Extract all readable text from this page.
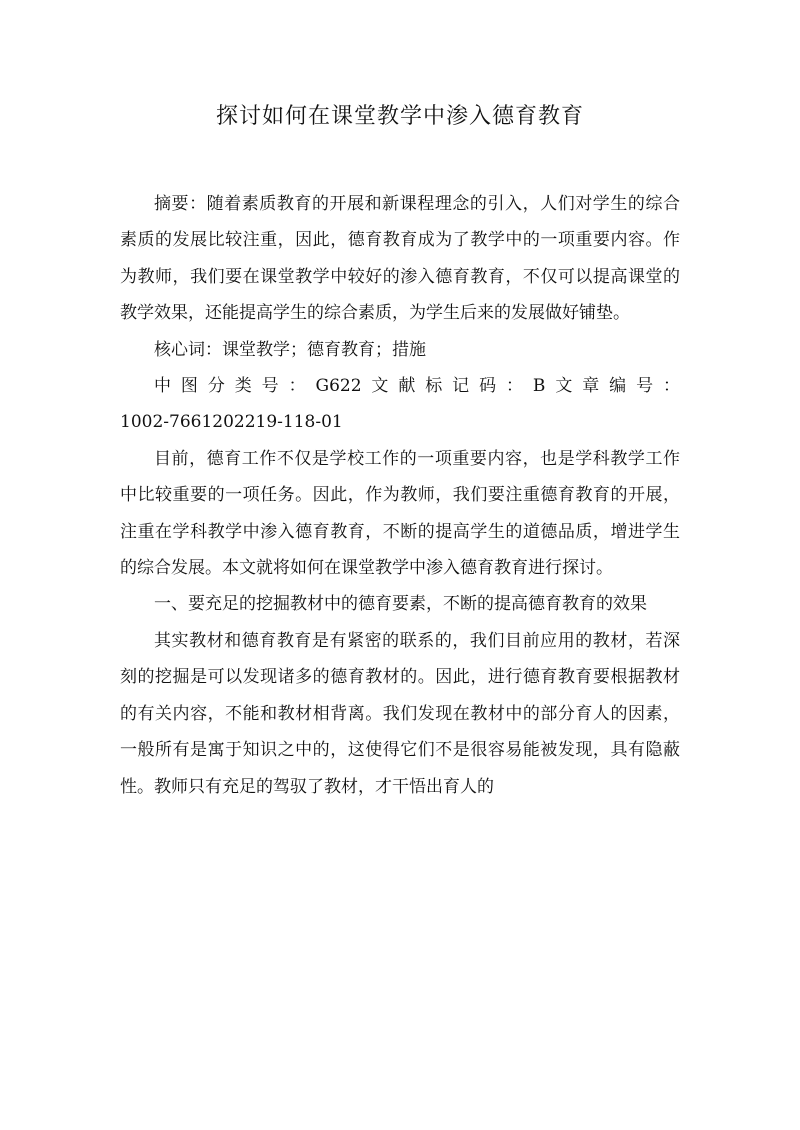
探讨如何在课堂教学中渗入德育教育

摘要：随着素质教育的开展和新课程理念的引入，人们对学生的综合素质的发展比较注重，因此，德育教育成为了教学中的一项重要内容。作为教师，我们要在课堂教学中较好的渗入德育教育，不仅可以提高课堂的教学效果，还能提高学生的综合素质，为学生后来的发展做好铺垫。

核心词：课堂教学；德育教育；措施

中图分类号：G622文献标记码：B文章编号：
1002-7661202219-118-01

目前，德育工作不仅是学校工作的一项重要内容，也是学科教学工作中比较重要的一项任务。因此，作为教师，我们要注重德育教育的开展，注重在学科教学中渗入德育教育，不断的提高学生的道德品质，增进学生的综合发展。本文就将如何在课堂教学中渗入德育教育进行探讨。

一、要充足的挖掘教材中的德育要素，不断的提高德育教育的效果

其实教材和德育教育是有紧密的联系的，我们目前应用的教材，若深刻的挖掘是可以发现诸多的德育教材的。因此，进行德育教育要根据教材的有关内容，不能和教材相背离。我们发现在教材中的部分育人的因素，一般所有是寓于知识之中的，这使得它们不是很容易能被发现，具有隐蔽性。教师只有充足的驾驭了教材，才干悟出育人的
